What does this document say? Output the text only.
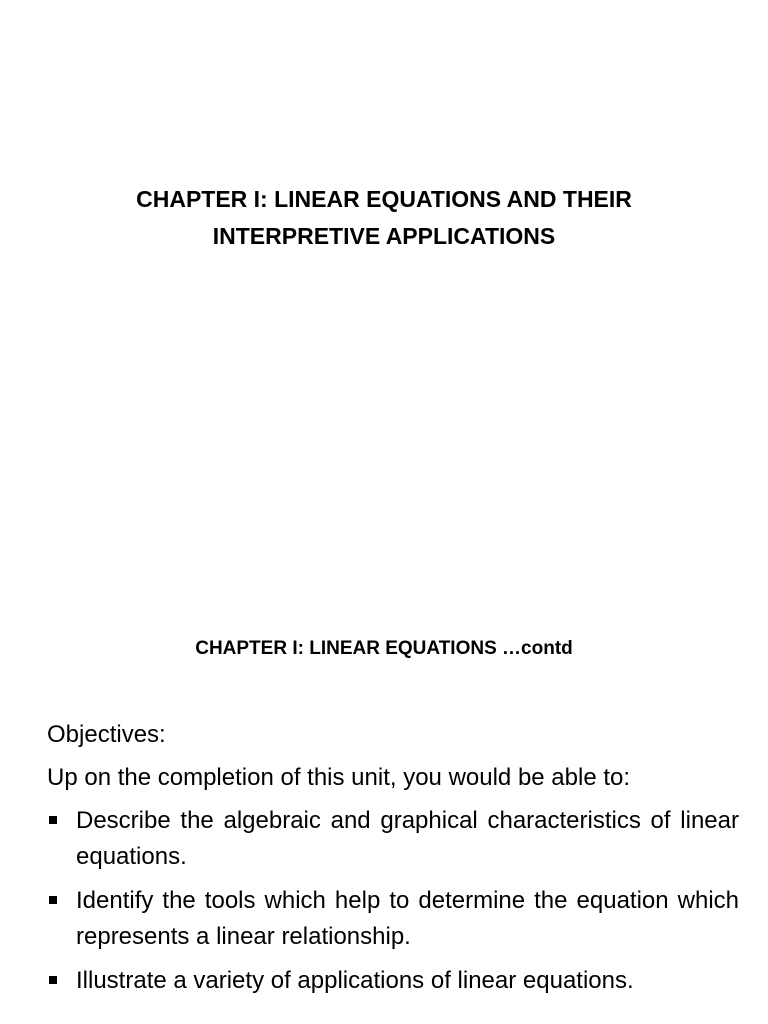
CHAPTER I: LINEAR EQUATIONS AND THEIR
INTERPRETIVE APPLICATIONS
CHAPTER I: LINEAR EQUATIONS …contd
Objectives:
Up on the completion of this unit, you would be able to:
Describe the algebraic and graphical characteristics of linear equations.
Identify the tools which help to determine the equation which represents a linear relationship.
Illustrate a variety of applications of linear equations.
